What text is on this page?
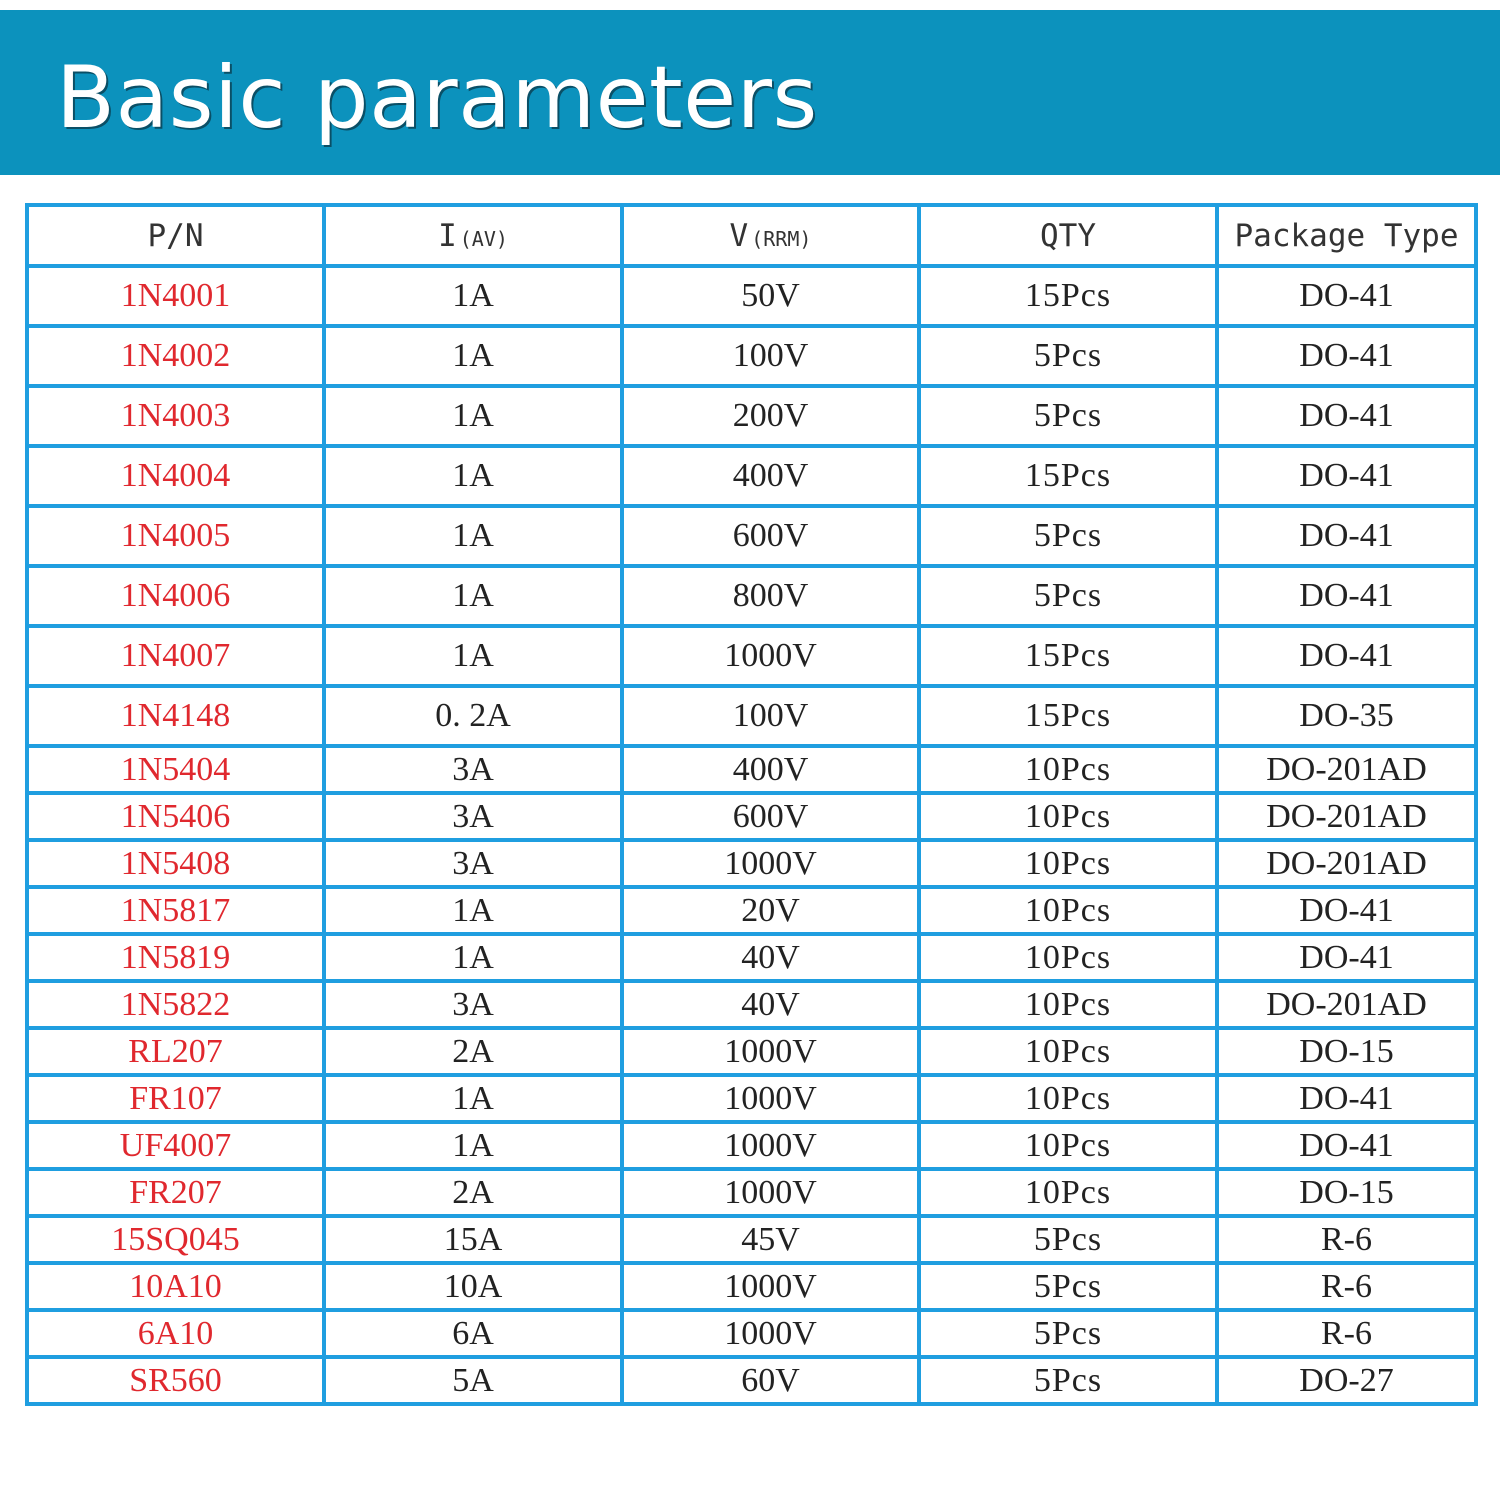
Basic parameters
P/N	I (AV)	V (RRM)	QTY	Package Type
1N4001	1A	50V	15Pcs	DO-41
1N4002	1A	100V	5Pcs	DO-41
1N4003	1A	200V	5Pcs	DO-41
1N4004	1A	400V	15Pcs	DO-41
1N4005	1A	600V	5Pcs	DO-41
1N4006	1A	800V	5Pcs	DO-41
1N4007	1A	1000V	15Pcs	DO-41
1N4148	0. 2A	100V	15Pcs	DO-35
1N5404	3A	400V	10Pcs	DO-201AD
1N5406	3A	600V	10Pcs	DO-201AD
1N5408	3A	1000V	10Pcs	DO-201AD
1N5817	1A	20V	10Pcs	DO-41
1N5819	1A	40V	10Pcs	DO-41
1N5822	3A	40V	10Pcs	DO-201AD
RL207	2A	1000V	10Pcs	DO-15
FR107	1A	1000V	10Pcs	DO-41
UF4007	1A	1000V	10Pcs	DO-41
FR207	2A	1000V	10Pcs	DO-15
15SQ045	15A	45V	5Pcs	R-6
10A10	10A	1000V	5Pcs	R-6
6A10	6A	1000V	5Pcs	R-6
SR560	5A	60V	5Pcs	DO-27
